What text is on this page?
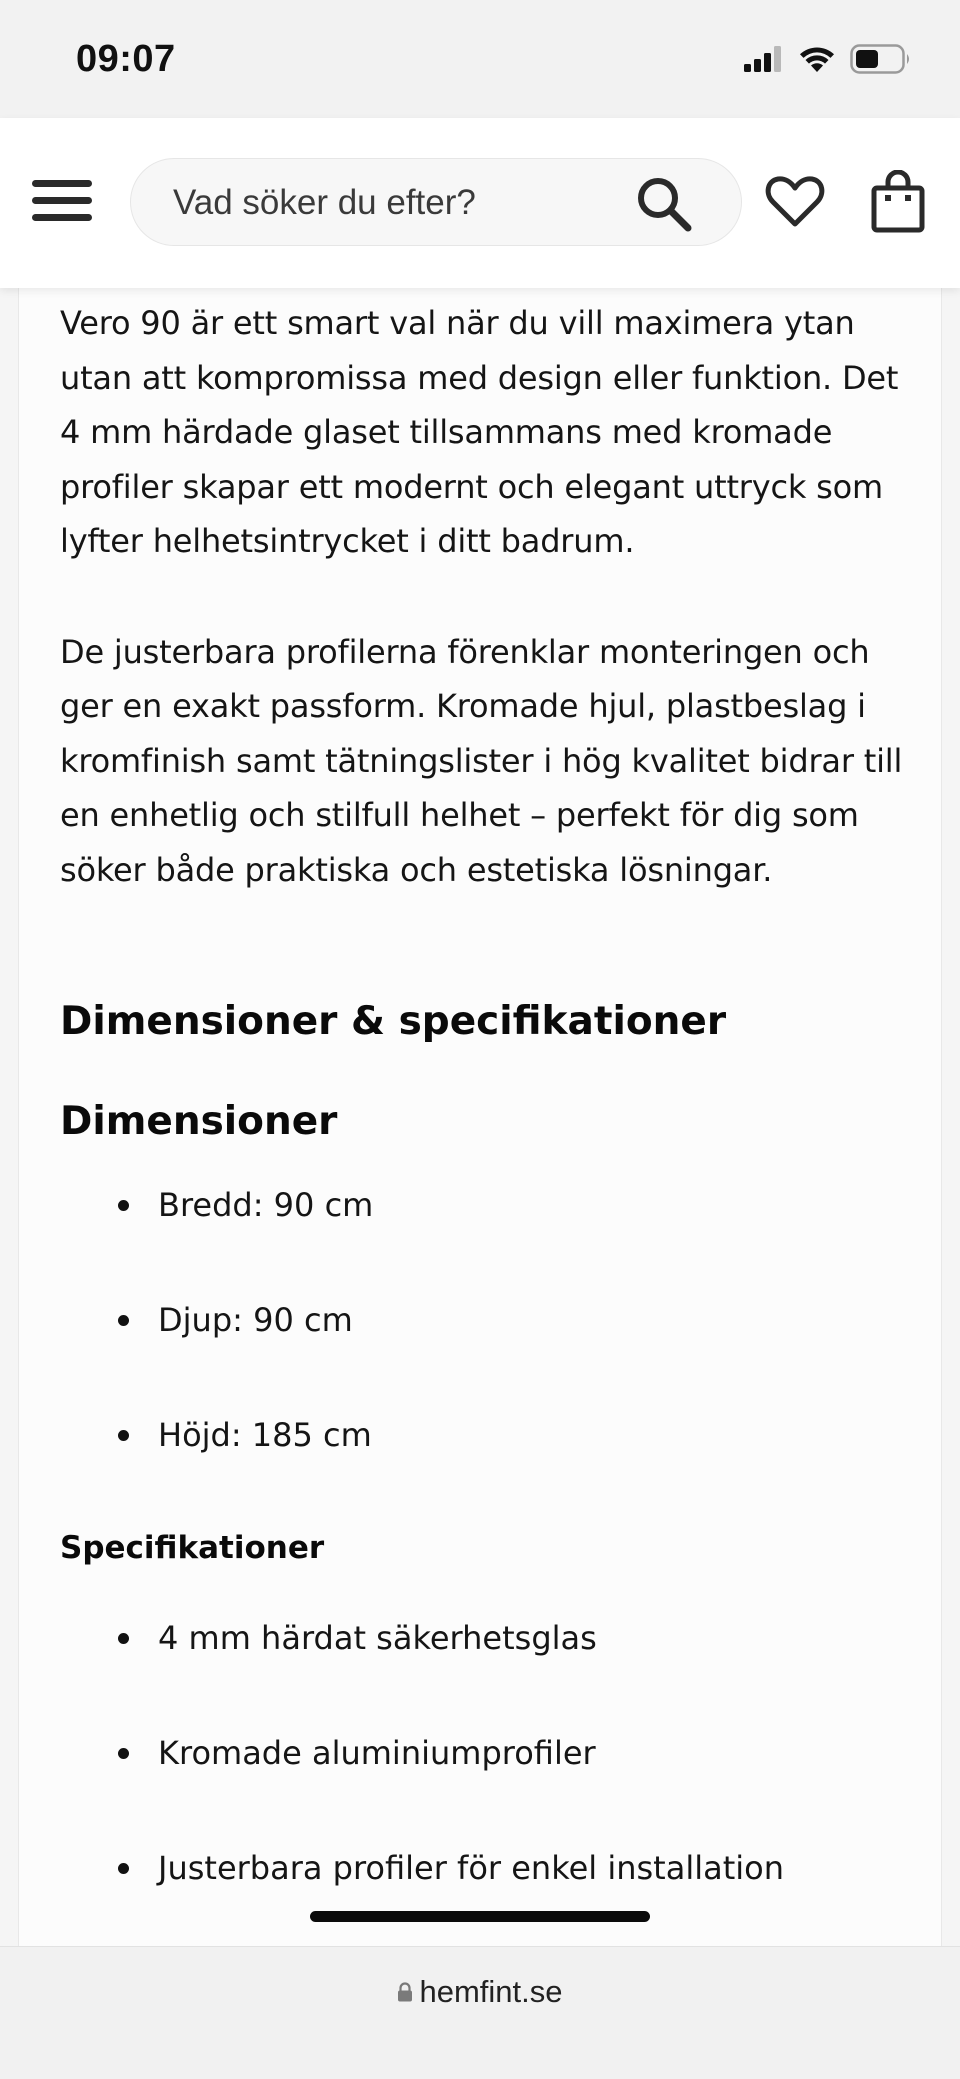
09:07
Vad söker du efter?

Vero 90 är ett smart val när du vill maximera ytan utan att kompromissa med design eller funktion. Det 4 mm härdade glaset tillsammans med kromade profiler skapar ett modernt och elegant uttryck som lyfter helhetsintrycket i ditt badrum.

De justerbara profilerna förenklar monteringen och ger en exakt passform. Kromade hjul, plastbeslag i kromfinish samt tätningslister i hög kvalitet bidrar till en enhetlig och stilfull helhet – perfekt för dig som söker både praktiska och estetiska lösningar.

Dimensioner & specifikationer
Dimensioner
Bredd: 90 cm
Djup: 90 cm
Höjd: 185 cm
Specifikationer
4 mm härdat säkerhetsglas
Kromade aluminiumprofiler
Justerbara profiler för enkel installation
hemfint.se
